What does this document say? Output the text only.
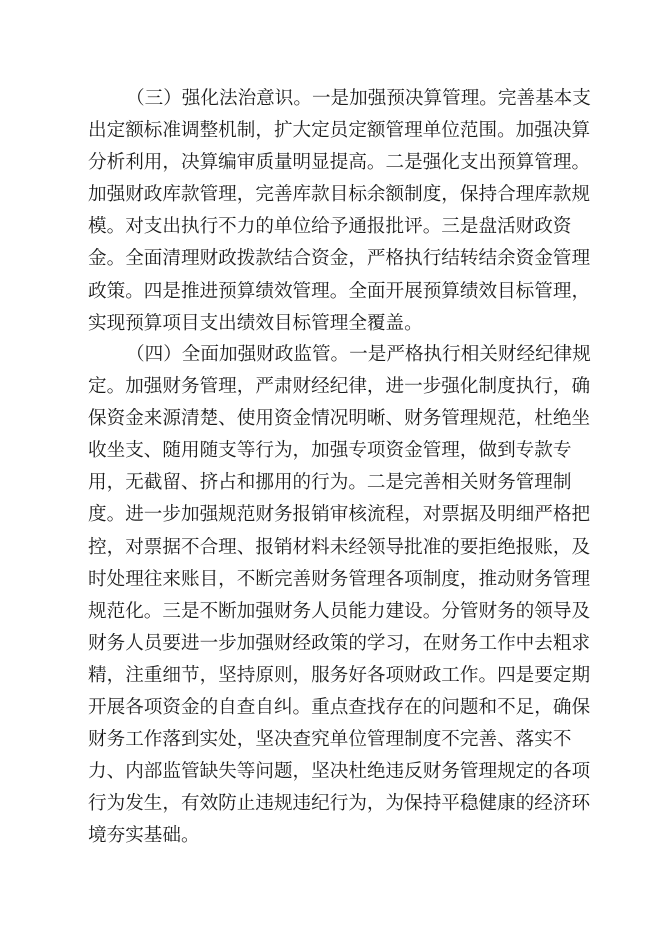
（三）强化法治意识。一是加强预决算管理。完善基本支
出定额标准调整机制，扩大定员定额管理单位范围。加强决算
分析利用，决算编审质量明显提高。二是强化支出预算管理。
加强财政库款管理，完善库款目标余额制度，保持合理库款规
模。对支出执行不力的单位给予通报批评。三是盘活财政资
金。全面清理财政拨款结合资金，严格执行结转结余资金管理
政策。四是推进预算绩效管理。全面开展预算绩效目标管理，
实现预算项目支出绩效目标管理全覆盖。
（四）全面加强财政监管。一是严格执行相关财经纪律规
定。加强财务管理，严肃财经纪律，进一步强化制度执行，确
保资金来源清楚、使用资金情况明晰、财务管理规范，杜绝坐
收坐支、随用随支等行为，加强专项资金管理，做到专款专
用，无截留、挤占和挪用的行为。二是完善相关财务管理制
度。进一步加强规范财务报销审核流程，对票据及明细严格把
控，对票据不合理、报销材料未经领导批准的要拒绝报账，及
时处理往来账目，不断完善财务管理各项制度，推动财务管理
规范化。三是不断加强财务人员能力建设。分管财务的领导及
财务人员要进一步加强财经政策的学习，在财务工作中去粗求
精，注重细节，坚持原则，服务好各项财政工作。四是要定期
开展各项资金的自查自纠。重点查找存在的问题和不足，确保
财务工作落到实处，坚决查究单位管理制度不完善、落实不
力、内部监管缺失等问题，坚决杜绝违反财务管理规定的各项
行为发生，有效防止违规违纪行为，为保持平稳健康的经济环
境夯实基础。
